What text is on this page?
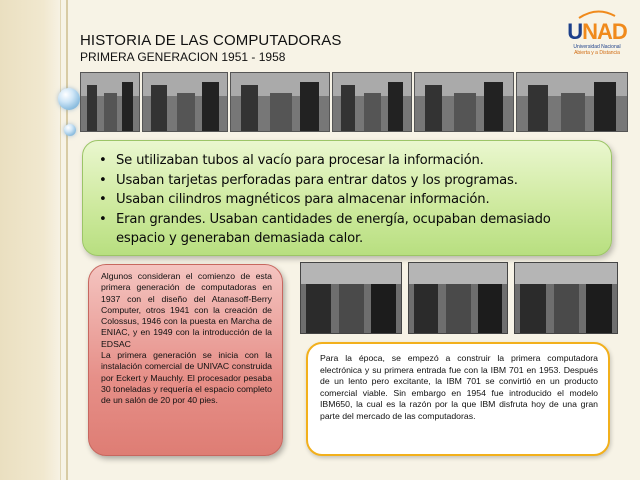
HISTORIA DE LAS COMPUTADORAS
PRIMERA GENERACION 1951 - 1958
UNAD
Universidad Nacional
Abierta y a Distancia
• Se utilizaban tubos al vacío para procesar la información.
• Usaban tarjetas perforadas para entrar datos y los programas.
• Usaban cilindros magnéticos para almacenar información.
• Eran grandes. Usaban cantidades de energía, ocupaban demasiado espacio y generaban demasiada calor.

Algunos consideran el comienzo de esta primera generación de computadoras en 1937 con el diseño del Atanasoff-Berry Computer, otros 1941 con la creación de Colossus, 1946 con la puesta en Marcha de ENIAC, y en 1949 con la introducción de la EDSAC

La primera generación se inicia con la instalación comercial de UNIVAC construida por Eckert y Mauchly. El procesador pesaba 30 toneladas y requería el espacio completo de un salón de 20 por 40 pies.

Para la época, se empezó a construir la primera computadora electrónica y su primera entrada fue con la IBM 701 en 1953. Después de un lento pero excitante, la IBM 701 se convirtió en un producto comercial viable. Sin embargo en 1954 fue introducido el modelo IBM650, la cual es la razón por la que IBM disfruta hoy de una gran parte del mercado de las computadoras.
